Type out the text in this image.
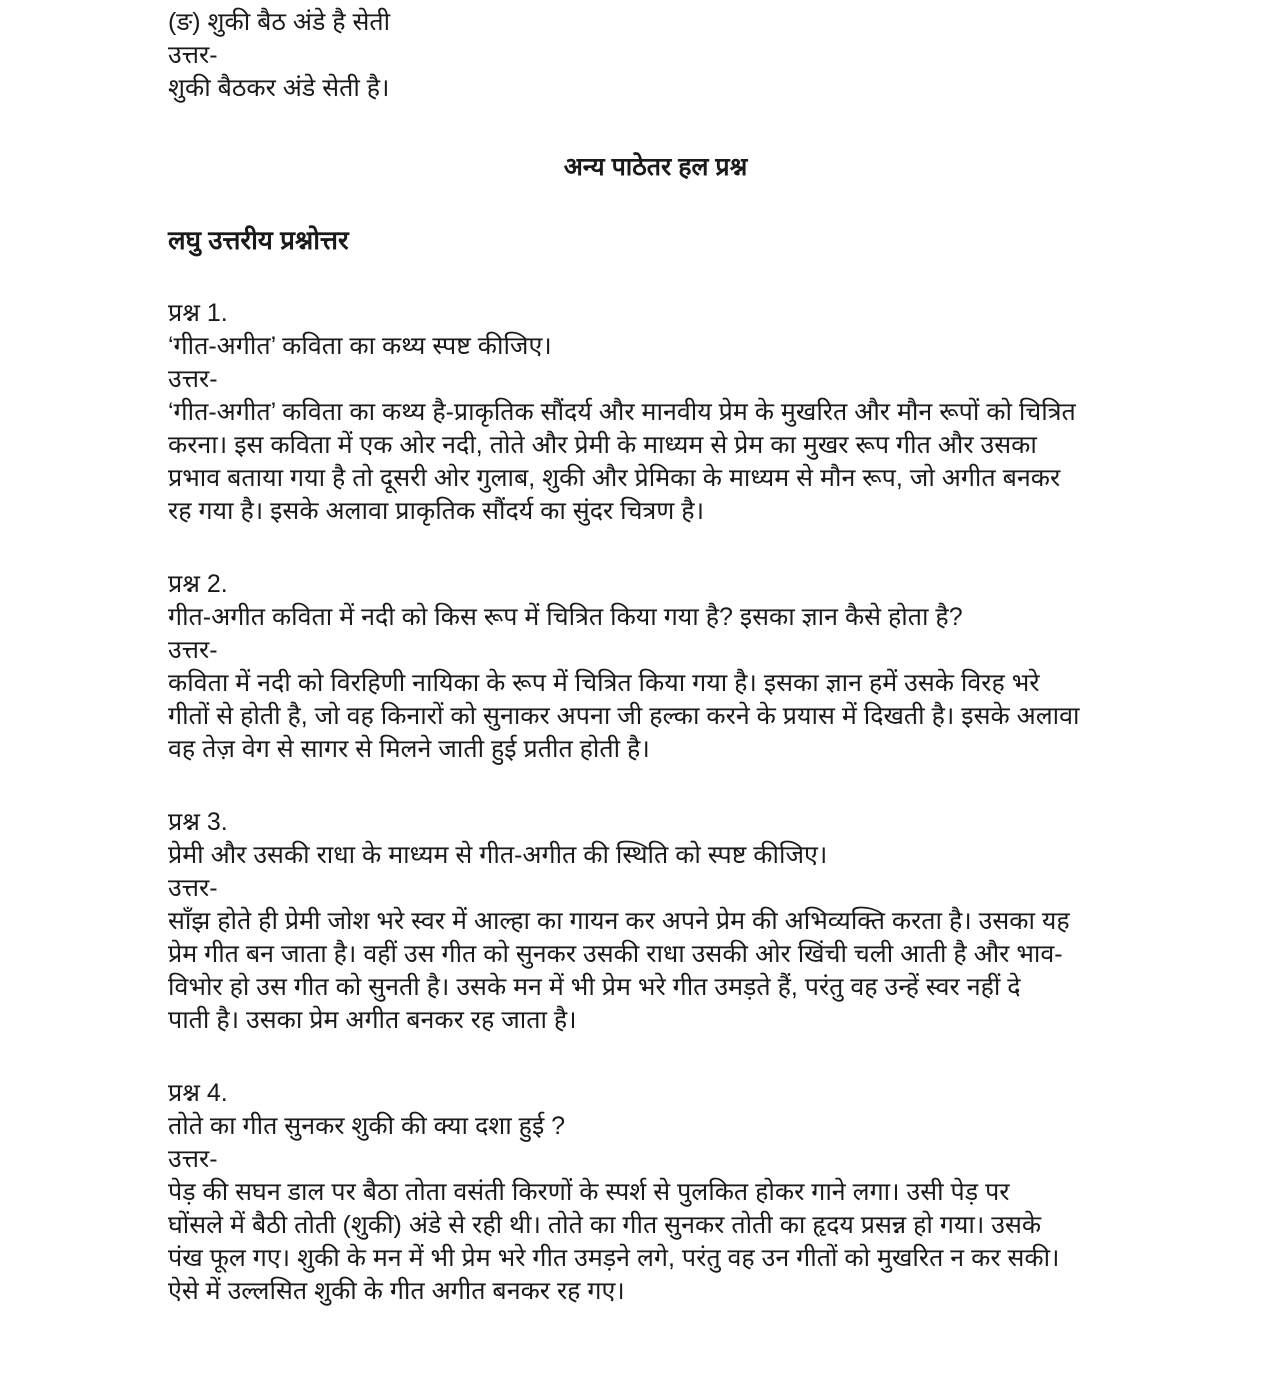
(ङ) शुकी बैठ अंडे है सेती
उत्तर-
शुकी बैठकर अंडे सेती है।
अन्य पाठेतर हल प्रश्न
लघु उत्तरीय प्रश्नोत्तर
प्रश्न 1.
‘गीत-अगीत’ कविता का कथ्य स्पष्ट कीजिए।
उत्तर-
‘गीत-अगीत’ कविता का कथ्य है-प्राकृतिक सौंदर्य और मानवीय प्रेम के मुखरित और मौन रूपों को चित्रित
करना। इस कविता में एक ओर नदी, तोते और प्रेमी के माध्यम से प्रेम का मुखर रूप गीत और उसका
प्रभाव बताया गया है तो दूसरी ओर गुलाब, शुकी और प्रेमिका के माध्यम से मौन रूप, जो अगीत बनकर
रह गया है। इसके अलावा प्राकृतिक सौंदर्य का सुंदर चित्रण है।
प्रश्न 2.
गीत-अगीत कविता में नदी को किस रूप में चित्रित किया गया है? इसका ज्ञान कैसे होता है?
उत्तर-
कविता में नदी को विरहिणी नायिका के रूप में चित्रित किया गया है। इसका ज्ञान हमें उसके विरह भरे
गीतों से होती है, जो वह किनारों को सुनाकर अपना जी हल्का करने के प्रयास में दिखती है। इसके अलावा
वह तेज़ वेग से सागर से मिलने जाती हुई प्रतीत होती है।
प्रश्न 3.
प्रेमी और उसकी राधा के माध्यम से गीत-अगीत की स्थिति को स्पष्ट कीजिए।
उत्तर-
साँझ होते ही प्रेमी जोश भरे स्वर में आल्हा का गायन कर अपने प्रेम की अभिव्यक्ति करता है। उसका यह
प्रेम गीत बन जाता है। वहीं उस गीत को सुनकर उसकी राधा उसकी ओर खिंची चली आती है और भाव-
विभोर हो उस गीत को सुनती है। उसके मन में भी प्रेम भरे गीत उमड़ते हैं, परंतु वह उन्हें स्वर नहीं दे
पाती है। उसका प्रेम अगीत बनकर रह जाता है।
प्रश्न 4.
तोते का गीत सुनकर शुकी की क्या दशा हुई ?
उत्तर-
पेड़ की सघन डाल पर बैठा तोता वसंती किरणों के स्पर्श से पुलकित होकर गाने लगा। उसी पेड़ पर
घोंसले में बैठी तोती (शुकी) अंडे से रही थी। तोते का गीत सुनकर तोती का हृदय प्रसन्न हो गया। उसके
पंख फूल गए। शुकी के मन में भी प्रेम भरे गीत उमड़ने लगे, परंतु वह उन गीतों को मुखरित न कर सकी।
ऐसे में उल्लसित शुकी के गीत अगीत बनकर रह गए।
